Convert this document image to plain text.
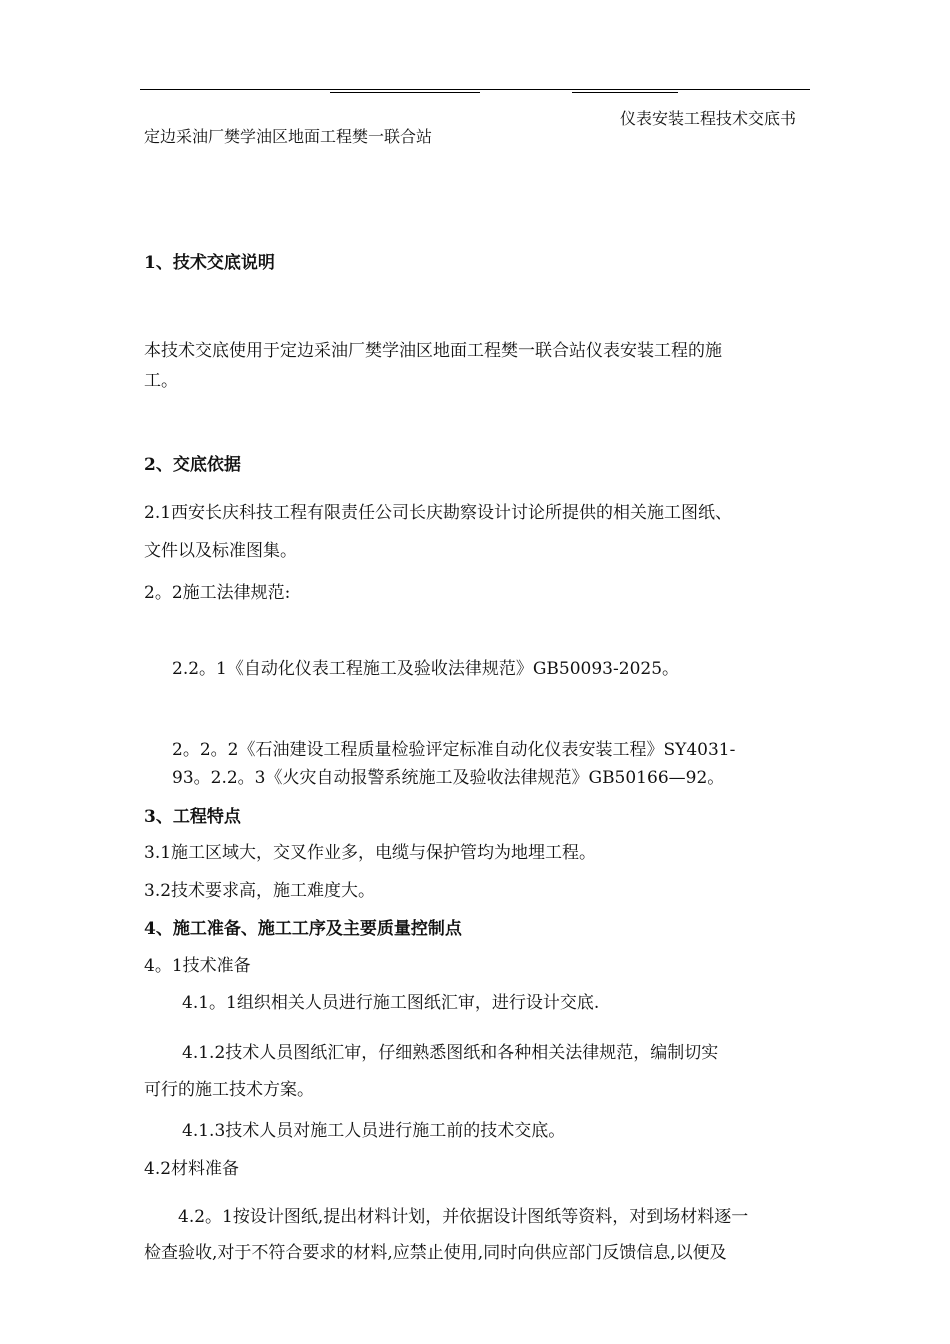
仪表安装工程技术交底书
定边采油厂樊学油区地面工程樊一联合站
1、技术交底说明
本技术交底使用于定边采油厂樊学油区地面工程樊一联合站仪表安装工程的施
工。
2、交底依据
2.1西安长庆科技工程有限责任公司长庆勘察设计讨论所提供的相关施工图纸、
文件以及标准图集。
2。2施工法律规范:
2.2。1《自动化仪表工程施工及验收法律规范》GB50093-2025。
2。2。2《石油建设工程质量检验评定标准自动化仪表安装工程》SY4031-
93。2.2。3《火灾自动报警系统施工及验收法律规范》GB50166—92。
3、工程特点
3.1施工区域大，交叉作业多，电缆与保护管均为地埋工程。
3.2技术要求高，施工难度大。
4、施工准备、施工工序及主要质量控制点
4。1技术准备
4.1。1组织相关人员进行施工图纸汇审，进行设计交底.
4.1.2技术人员图纸汇审，仔细熟悉图纸和各种相关法律规范，编制切实
可行的施工技术方案。
4.1.3技术人员对施工人员进行施工前的技术交底。
4.2材料准备
4.2。1按设计图纸,提出材料计划，并依据设计图纸等资料，对到场材料逐一
检查验收,对于不符合要求的材料,应禁止使用,同时向供应部门反馈信息,以便及
